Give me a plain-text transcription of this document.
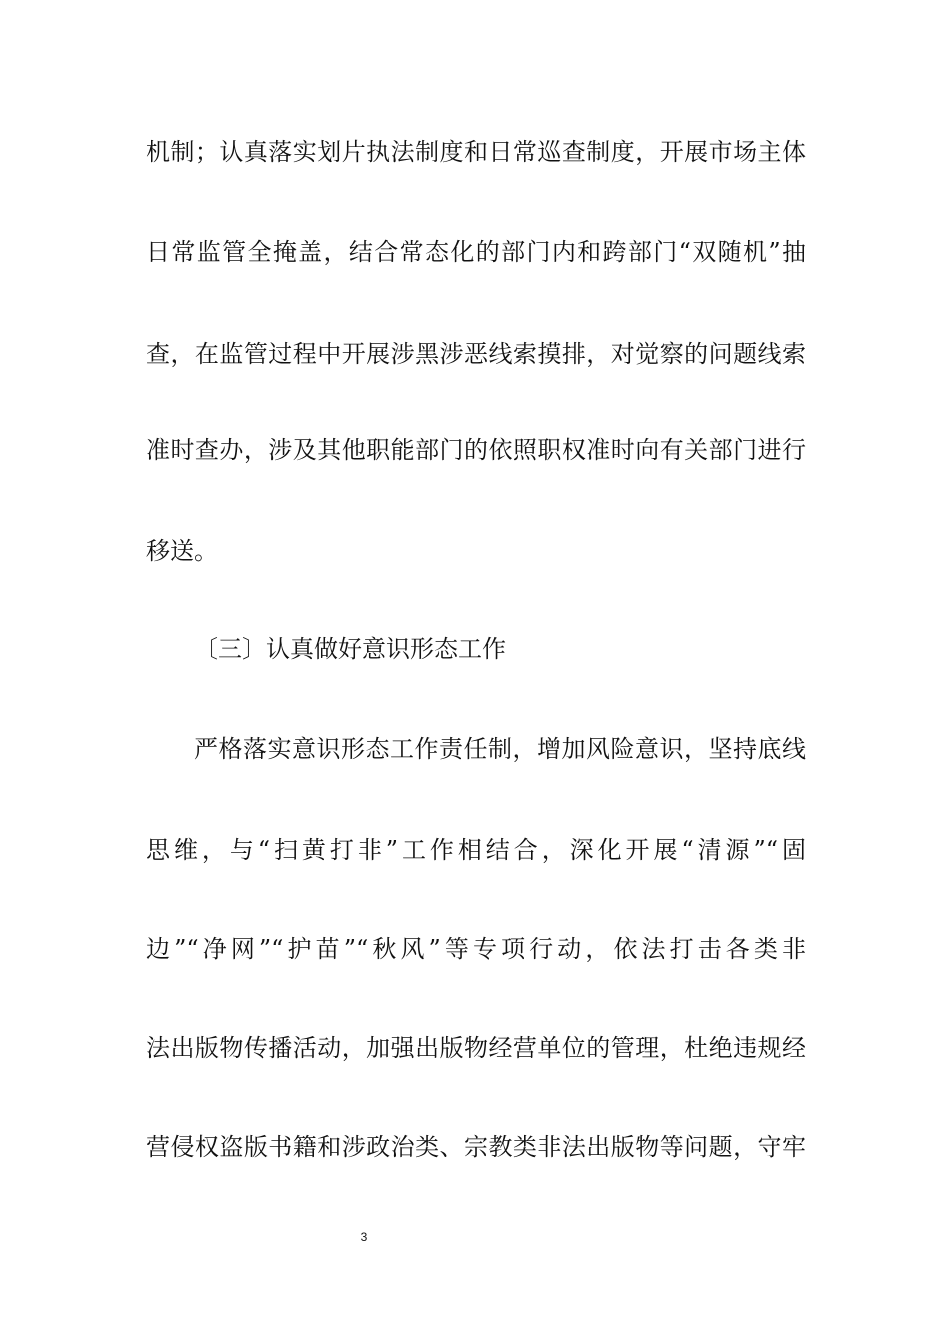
机制；认真落实划片执法制度和日常巡查制度，开展市场主体
日常监管全掩盖，结合常态化的部门内和跨部门“双随机”抽
查，在监管过程中开展涉黑涉恶线索摸排，对觉察的问题线索
准时查办，涉及其他职能部门的依照职权准时向有关部门进行
移送。
〔三〕认真做好意识形态工作
严格落实意识形态工作责任制，增加风险意识，坚持底线
思维，与“扫黄打非”工作相结合，深化开展“清源”“固
边”“净网”“护苗”“秋风”等专项行动，依法打击各类非
法出版物传播活动，加强出版物经营单位的管理，杜绝违规经
营侵权盗版书籍和涉政治类、宗教类非法出版物等问题，守牢
3
